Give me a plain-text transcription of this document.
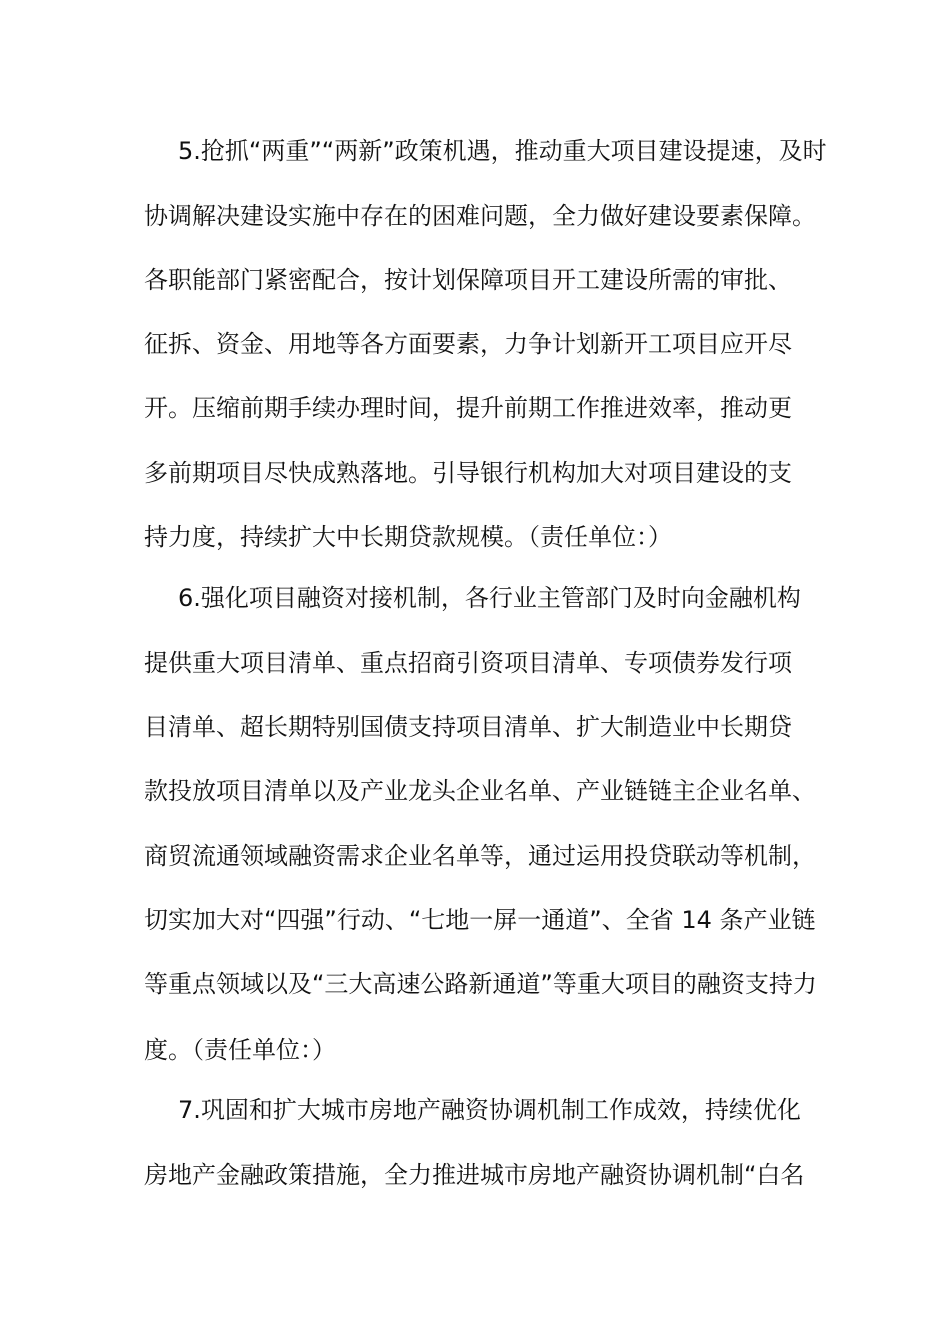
5.抢抓“两重”“两新”政策机遇，推动重大项目建设提速，及时
协调解决建设实施中存在的困难问题，全力做好建设要素保障。
各职能部门紧密配合，按计划保障项目开工建设所需的审批、
征拆、资金、用地等各方面要素，力争计划新开工项目应开尽
开。压缩前期手续办理时间，提升前期工作推进效率，推动更
多前期项目尽快成熟落地。引导银行机构加大对项目建设的支
持力度，持续扩大中长期贷款规模。（责任单位：）
6.强化项目融资对接机制，各行业主管部门及时向金融机构
提供重大项目清单、重点招商引资项目清单、专项债券发行项
目清单、超长期特别国债支持项目清单、扩大制造业中长期贷
款投放项目清单以及产业龙头企业名单、产业链链主企业名单、
商贸流通领域融资需求企业名单等，通过运用投贷联动等机制，
切实加大对“四强”行动、“七地一屏一通道”、全省 14 条产业链
等重点领域以及“三大高速公路新通道”等重大项目的融资支持力
度。（责任单位：）
7.巩固和扩大城市房地产融资协调机制工作成效，持续优化
房地产金融政策措施，全力推进城市房地产融资协调机制“白名
